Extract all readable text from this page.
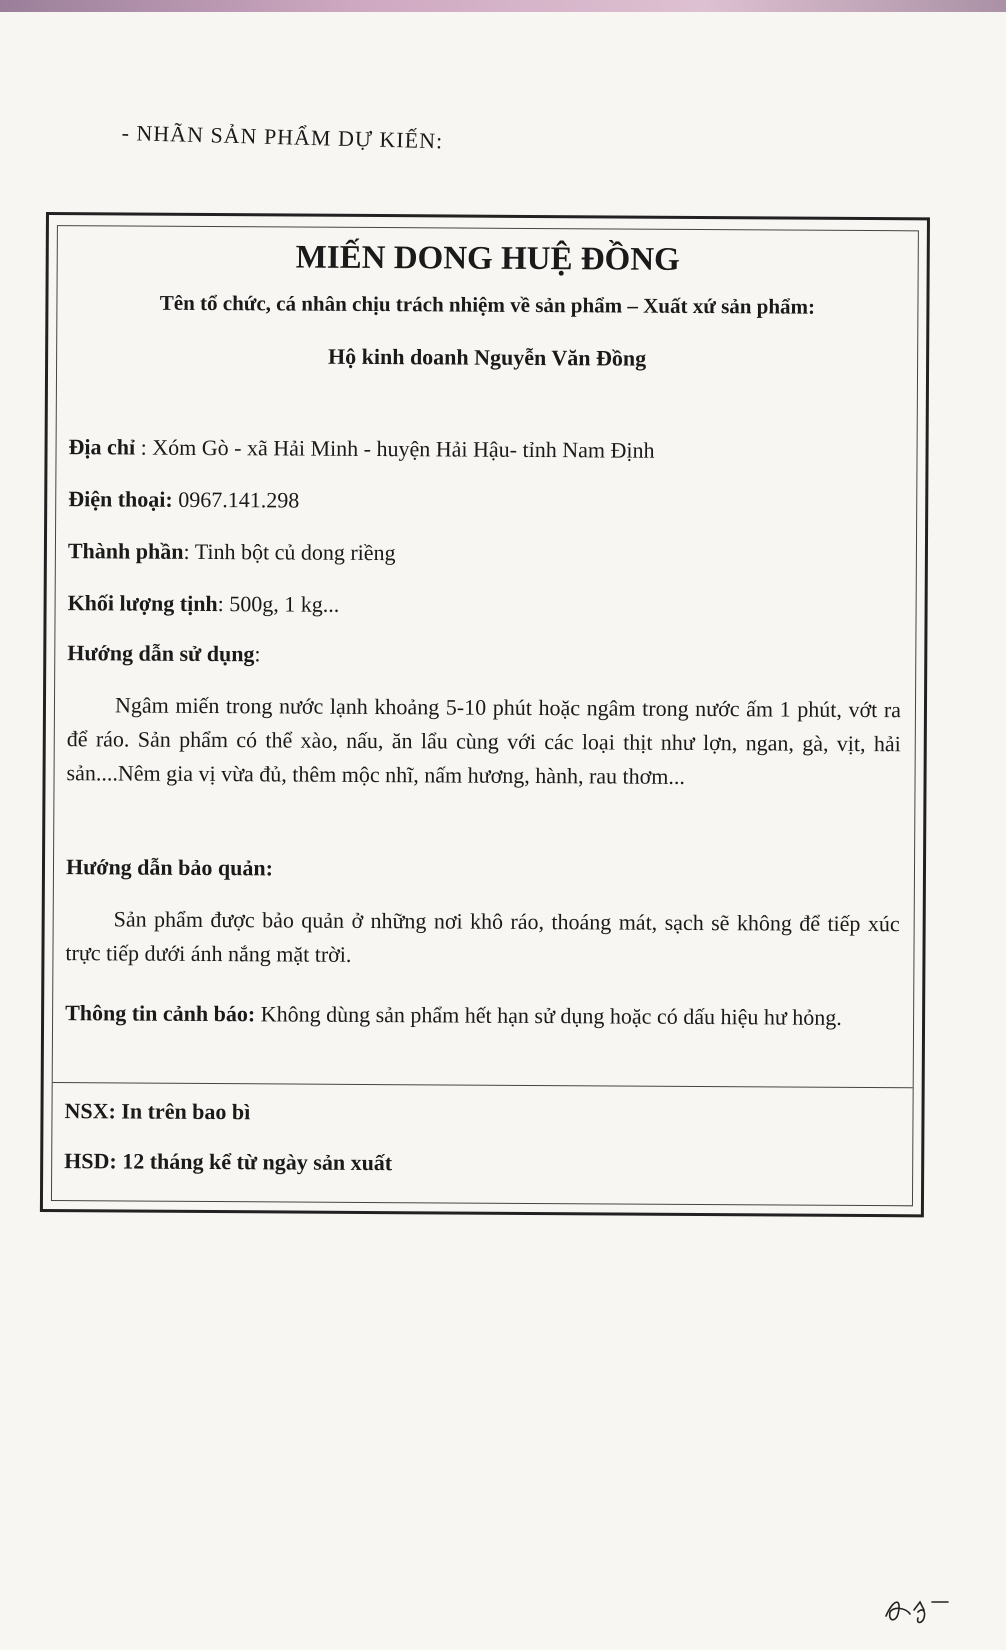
- NHÃN SẢN PHẨM DỰ KIẾN:
MIẾN DONG HUỆ ĐỒNG
Tên tổ chức, cá nhân chịu trách nhiệm về sản phẩm – Xuất xứ sản phẩm:
Hộ kinh doanh Nguyễn Văn Đồng
Địa chỉ : Xóm Gò - xã Hải Minh - huyện Hải Hậu- tỉnh Nam Định
Điện thoại: 0967.141.298
Thành phần: Tinh bột củ dong riềng
Khối lượng tịnh: 500g, 1 kg...
Hướng dẫn sử dụng:
Ngâm miến trong nước lạnh khoảng 5-10 phút hoặc ngâm trong nước ấm 1 phút, vớt ra để ráo. Sản phẩm có thể xào, nấu, ăn lẩu cùng với các loại thịt như lợn, ngan, gà, vịt, hải sản....Nêm gia vị vừa đủ, thêm mộc nhĩ, nấm hương, hành, rau thơm...
Hướng dẫn bảo quản:
Sản phẩm được bảo quản ở những nơi khô ráo, thoáng mát, sạch sẽ không để tiếp xúc trực tiếp dưới ánh nắng mặt trời.
Thông tin cảnh báo: Không dùng sản phẩm hết hạn sử dụng hoặc có dấu hiệu hư hỏng.
NSX: In trên bao bì
HSD: 12 tháng kể từ ngày sản xuất
